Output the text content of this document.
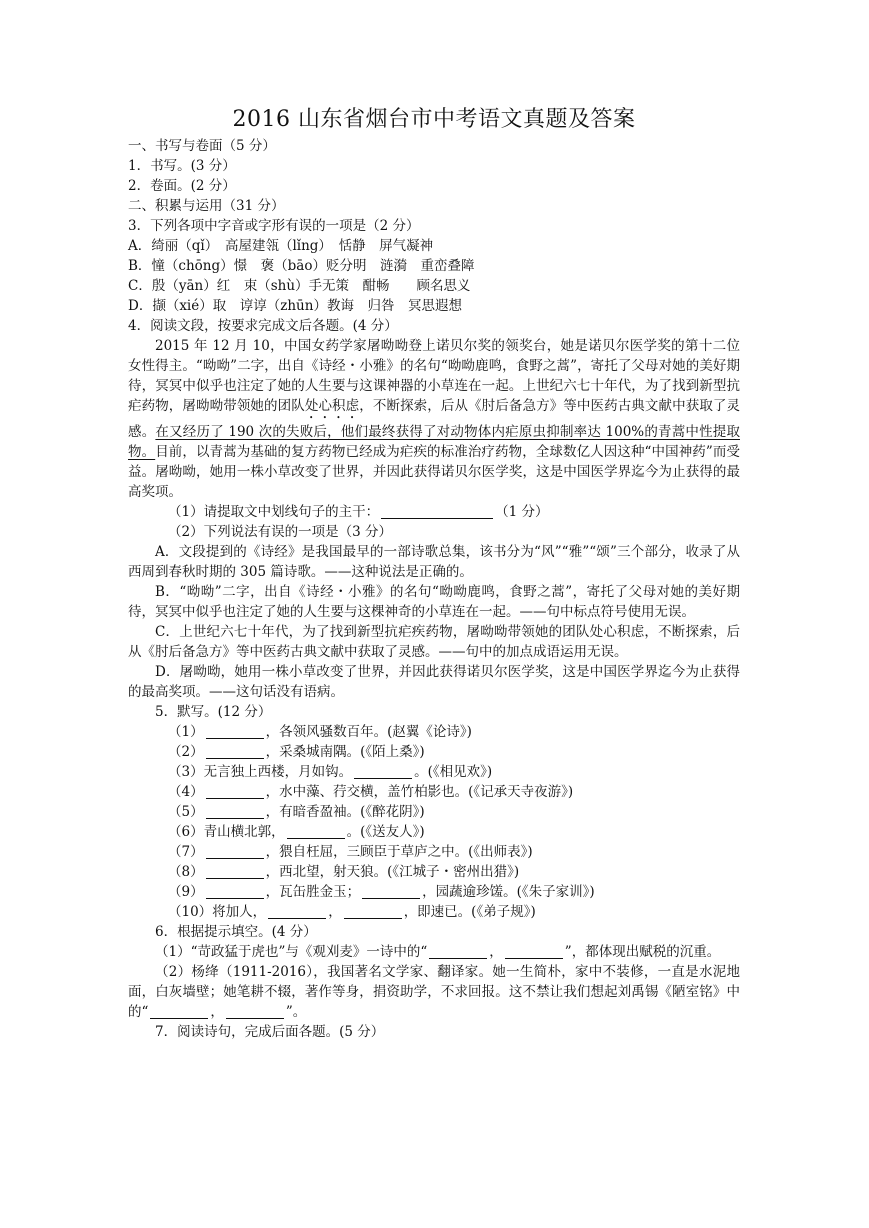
2016 山东省烟台市中考语文真题及答案
一、书写与卷面（5 分）
1．书写。(3 分）
2．卷面。(2 分）
二、积累与运用（31 分）
3．下列各项中字音或字形有误的一项是（2 分）
A．绮丽（qǐ）　高屋建瓴（lǐng）　恬静　屏气凝神
B．憧（chōng）憬　褒（bāo）贬分明　涟漪　重峦叠障
C．殷（yān）红　束（shù）手无策　酣畅　　顾名思义
D．撷（xié）取　谆谆（zhūn）教诲　归咎　冥思遐想
4．阅读文段，按要求完成文后各题。(4 分）
2015 年 12 月 10，中国女药学家屠呦呦登上诺贝尔奖的领奖台，她是诺贝尔医学奖的第十二位女性得主。“呦呦”二字，出自《诗经・小雅》的名句“呦呦鹿鸣，食野之蒿”，寄托了父母对她的美好期待，冥冥中似乎也注定了她的人生要与这课神器的小草连在一起。上世纪六七十年代，为了找到新型抗疟药物，屠呦呦带领她的团队处心积虑，不断探索，后从《肘后备急方》等中医药古典文献中获取了灵感。在又经历了 190 次的失败后，他们最终获得了对动物体内疟原虫抑制率达 100%的青蒿中性提取物。目前，以青蒿为基础的复方药物已经成为疟疾的标准治疗药物，全球数亿人因这种“中国神药”而受益。屠呦呦，她用一株小草改变了世界，并因此获得诺贝尔医学奖，这是中国医学界迄今为止获得的最高奖项。
（1）请提取文中划线句子的主干：	（1 分）
（2）下列说法有误的一项是（3 分）
A．文段提到的《诗经》是我国最早的一部诗歌总集，该书分为“风”“雅”“颂”三个部分，收录了从西周到春秋时期的 305 篇诗歌。——这种说法是正确的。
B．“呦呦”二字，出自《诗经・小雅》的名句“呦呦鹿鸣，食野之蒿”，寄托了父母对她的美好期待，冥冥中似乎也注定了她的人生要与这棵神奇的小草连在一起。——句中标点符号使用无误。
C．上世纪六七十年代，为了找到新型抗疟疾药物，屠呦呦带领她的团队处心积虑，不断探索，后从《肘后备急方》等中医药古典文献中获取了灵感。——句中的加点成语运用无误。
D．屠呦呦，她用一株小草改变了世界，并因此获得诺贝尔医学奖，这是中国医学界迄今为止获得的最高奖项。——这句话没有语病。
5．默写。(12 分）
（1）	，各领风骚数百年。(赵翼《论诗》)
（2）	，采桑城南隅。(《陌上桑》)
（3）无言独上西楼，月如钩。	。(《相见欢》)
（4）	，水中藻、荇交横，盖竹柏影也。(《记承天寺夜游》)
（5）	，有暗香盈袖。(《醉花阴》)
（6）青山横北郭，	。(《送友人》)
（7）	，猥自枉屈，三顾臣于草庐之中。(《出师表》)
（8）	，西北望，射天狼。(《江城子・密州出猎》)
（9）	，瓦缶胜金玉；	，园蔬逾珍馐。(《朱子家训》)
（10）将加人，	，	，即速已。(《弟子规》)
6．根据提示填空。(4 分）
（1）“苛政猛于虎也”与《观刈麦》一诗中的“	，	”，都体现出赋税的沉重。
（2）杨绛（1911-2016），我国著名文学家、翻译家。她一生简朴，家中不装修，一直是水泥地面，白灰墙壁；她笔耕不辍，著作等身，捐资助学，不求回报。这不禁让我们想起刘禹锡《陋室铭》中的“	，	”。
7．阅读诗句，完成后面各题。(5 分）
